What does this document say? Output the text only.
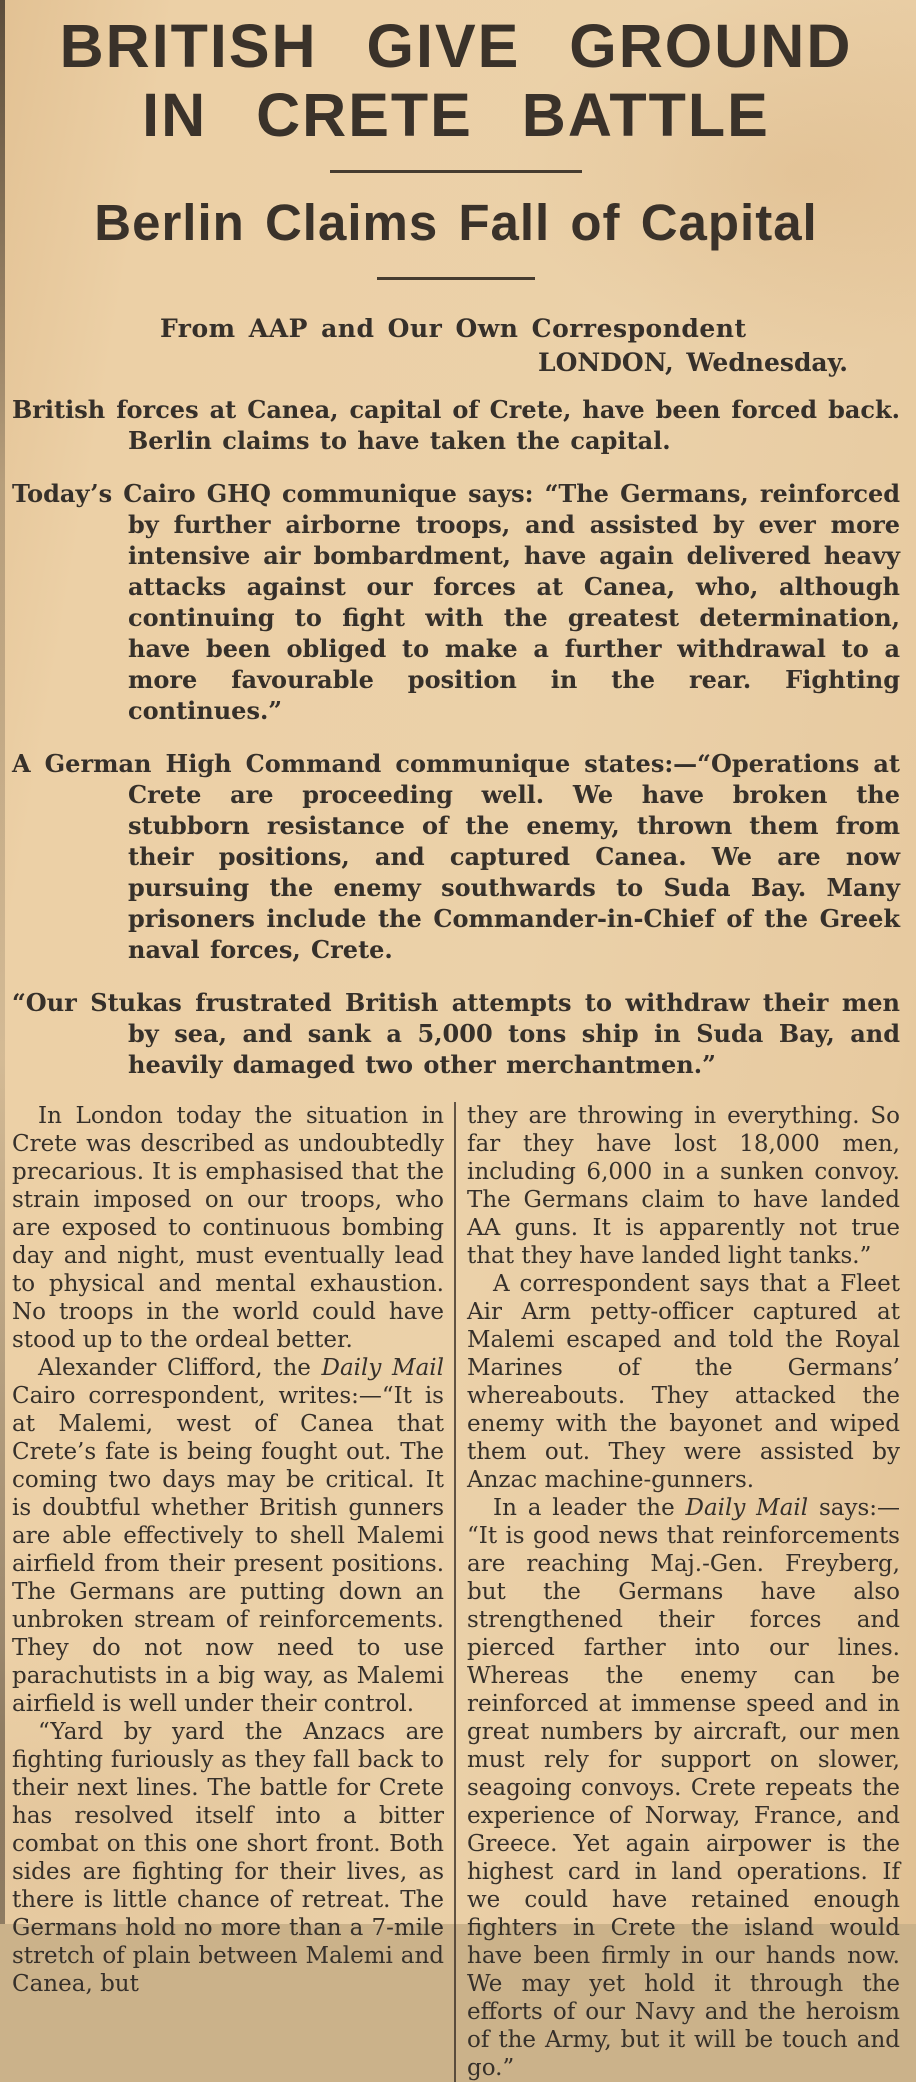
BRITISH GIVE GROUND
IN CRETE BATTLE
Berlin Claims Fall of Capital

From AAP and Our Own Correspondent

LONDON, Wednesday.

British forces at Canea, capital of Crete, have been forced back. Berlin claims to have taken the capital.

Today’s Cairo GHQ communique says: “The Germans, reinforced by further airborne troops, and assisted by ever more intensive air bombardment, have again delivered heavy attacks against our forces at Canea, who, although continuing to fight with the greatest determination, have been obliged to make a further withdrawal to a more favourable position in the rear. Fighting continues.”

A German High Command communique states:—“Operations at Crete are proceeding well. We have broken the stubborn resistance of the enemy, thrown them from their positions, and captured Canea. We are now pursuing the enemy southwards to Suda Bay. Many prisoners include the Commander-in-Chief of the Greek naval forces, Crete.

“Our Stukas frustrated British attempts to withdraw their men by sea, and sank a 5,000 tons ship in Suda Bay, and heavily damaged two other merchantmen.”

In London today the situation in Crete was described as undoubtedly precarious. It is emphasised that the strain imposed on our troops, who are exposed to continuous bombing day and night, must eventually lead to physical and mental exhaustion. No troops in the world could have stood up to the ordeal better.

Alexander Clifford, the Daily Mail Cairo correspondent, writes:—“It is at Malemi, west of Canea that Crete’s fate is being fought out. The coming two days may be critical. It is doubtful whether British gunners are able effectively to shell Malemi airfield from their present positions. The Germans are putting down an unbroken stream of reinforcements. They do not now need to use parachutists in a big way, as Malemi airfield is well under their control.

“Yard by yard the Anzacs are fighting furiously as they fall back to their next lines. The battle for Crete has resolved itself into a bitter combat on this one short front. Both sides are fighting for their lives, as there is little chance of retreat. The Germans hold no more than a 7-mile stretch of plain between Malemi and Canea, but

they are throwing in everything. So far they have lost 18,000 men, including 6,000 in a sunken convoy. The Germans claim to have landed AA guns. It is apparently not true that they have landed light tanks.”

A correspondent says that a Fleet Air Arm petty-officer captured at Malemi escaped and told the Royal Marines of the Germans’ whereabouts. They attacked the enemy with the bayonet and wiped them out. They were assisted by Anzac machine-gunners.

In a leader the Daily Mail says:— “It is good news that reinforcements are reaching Maj.-Gen. Freyberg, but the Germans have also strengthened their forces and pierced farther into our lines. Whereas the enemy can be reinforced at immense speed and in great numbers by aircraft, our men must rely for support on slower, seagoing convoys. Crete repeats the experience of Norway, France, and Greece. Yet again airpower is the highest card in land operations. If we could have retained enough fighters in Crete the island would have been firmly in our hands now. We may yet hold it through the efforts of our Navy and the heroism of the Army, but it will be touch and go.”
